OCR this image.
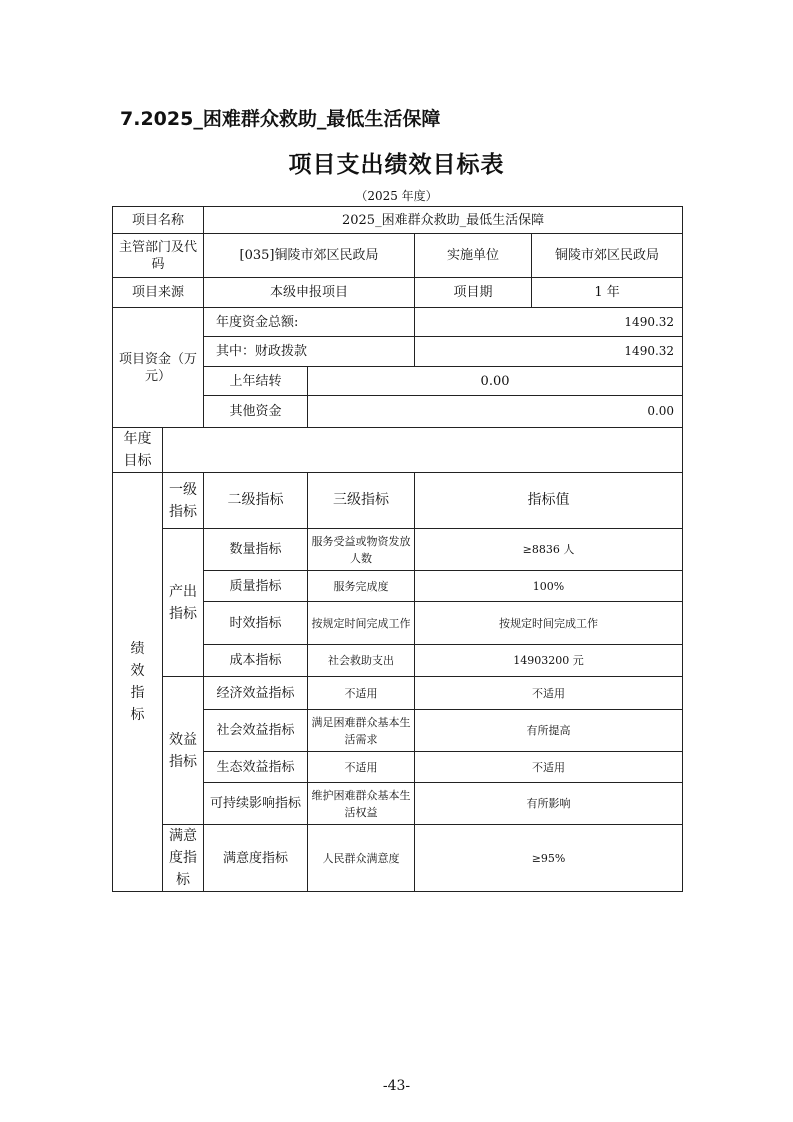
7.2025_困难群众救助_最低生活保障
项目支出绩效目标表
（2025 年度）
项目名称		2025_困难群众救助_最低生活保障			
主管部门及代码		[035]铜陵市郊区民政局		实施单位	铜陵市郊区民政局
项目来源		本级申报项目		项目期	1 年
项目资金（万元）		年度资金总额:		1490.32	
		其中：财政拨款		1490.32	
		上年结转	0.00		
		其他资金	0.00		
年度目标					
绩效指标	一级指标	二级指标	三级指标	指标值	
	产出指标	数量指标	服务受益或物资发放人数	≥8836 人	
		质量指标	服务完成度	100%	
		时效指标	按规定时间完成工作	按规定时间完成工作	
		成本指标	社会救助支出	14903200 元	
	效益指标	经济效益指标	不适用	不适用	
		社会效益指标	满足困难群众基本生活需求	有所提高	
		生态效益指标	不适用	不适用	
		可持续影响指标	维护困难群众基本生活权益	有所影响	
	满意度指标	满意度指标	人民群众满意度	≥95%	
-43-
